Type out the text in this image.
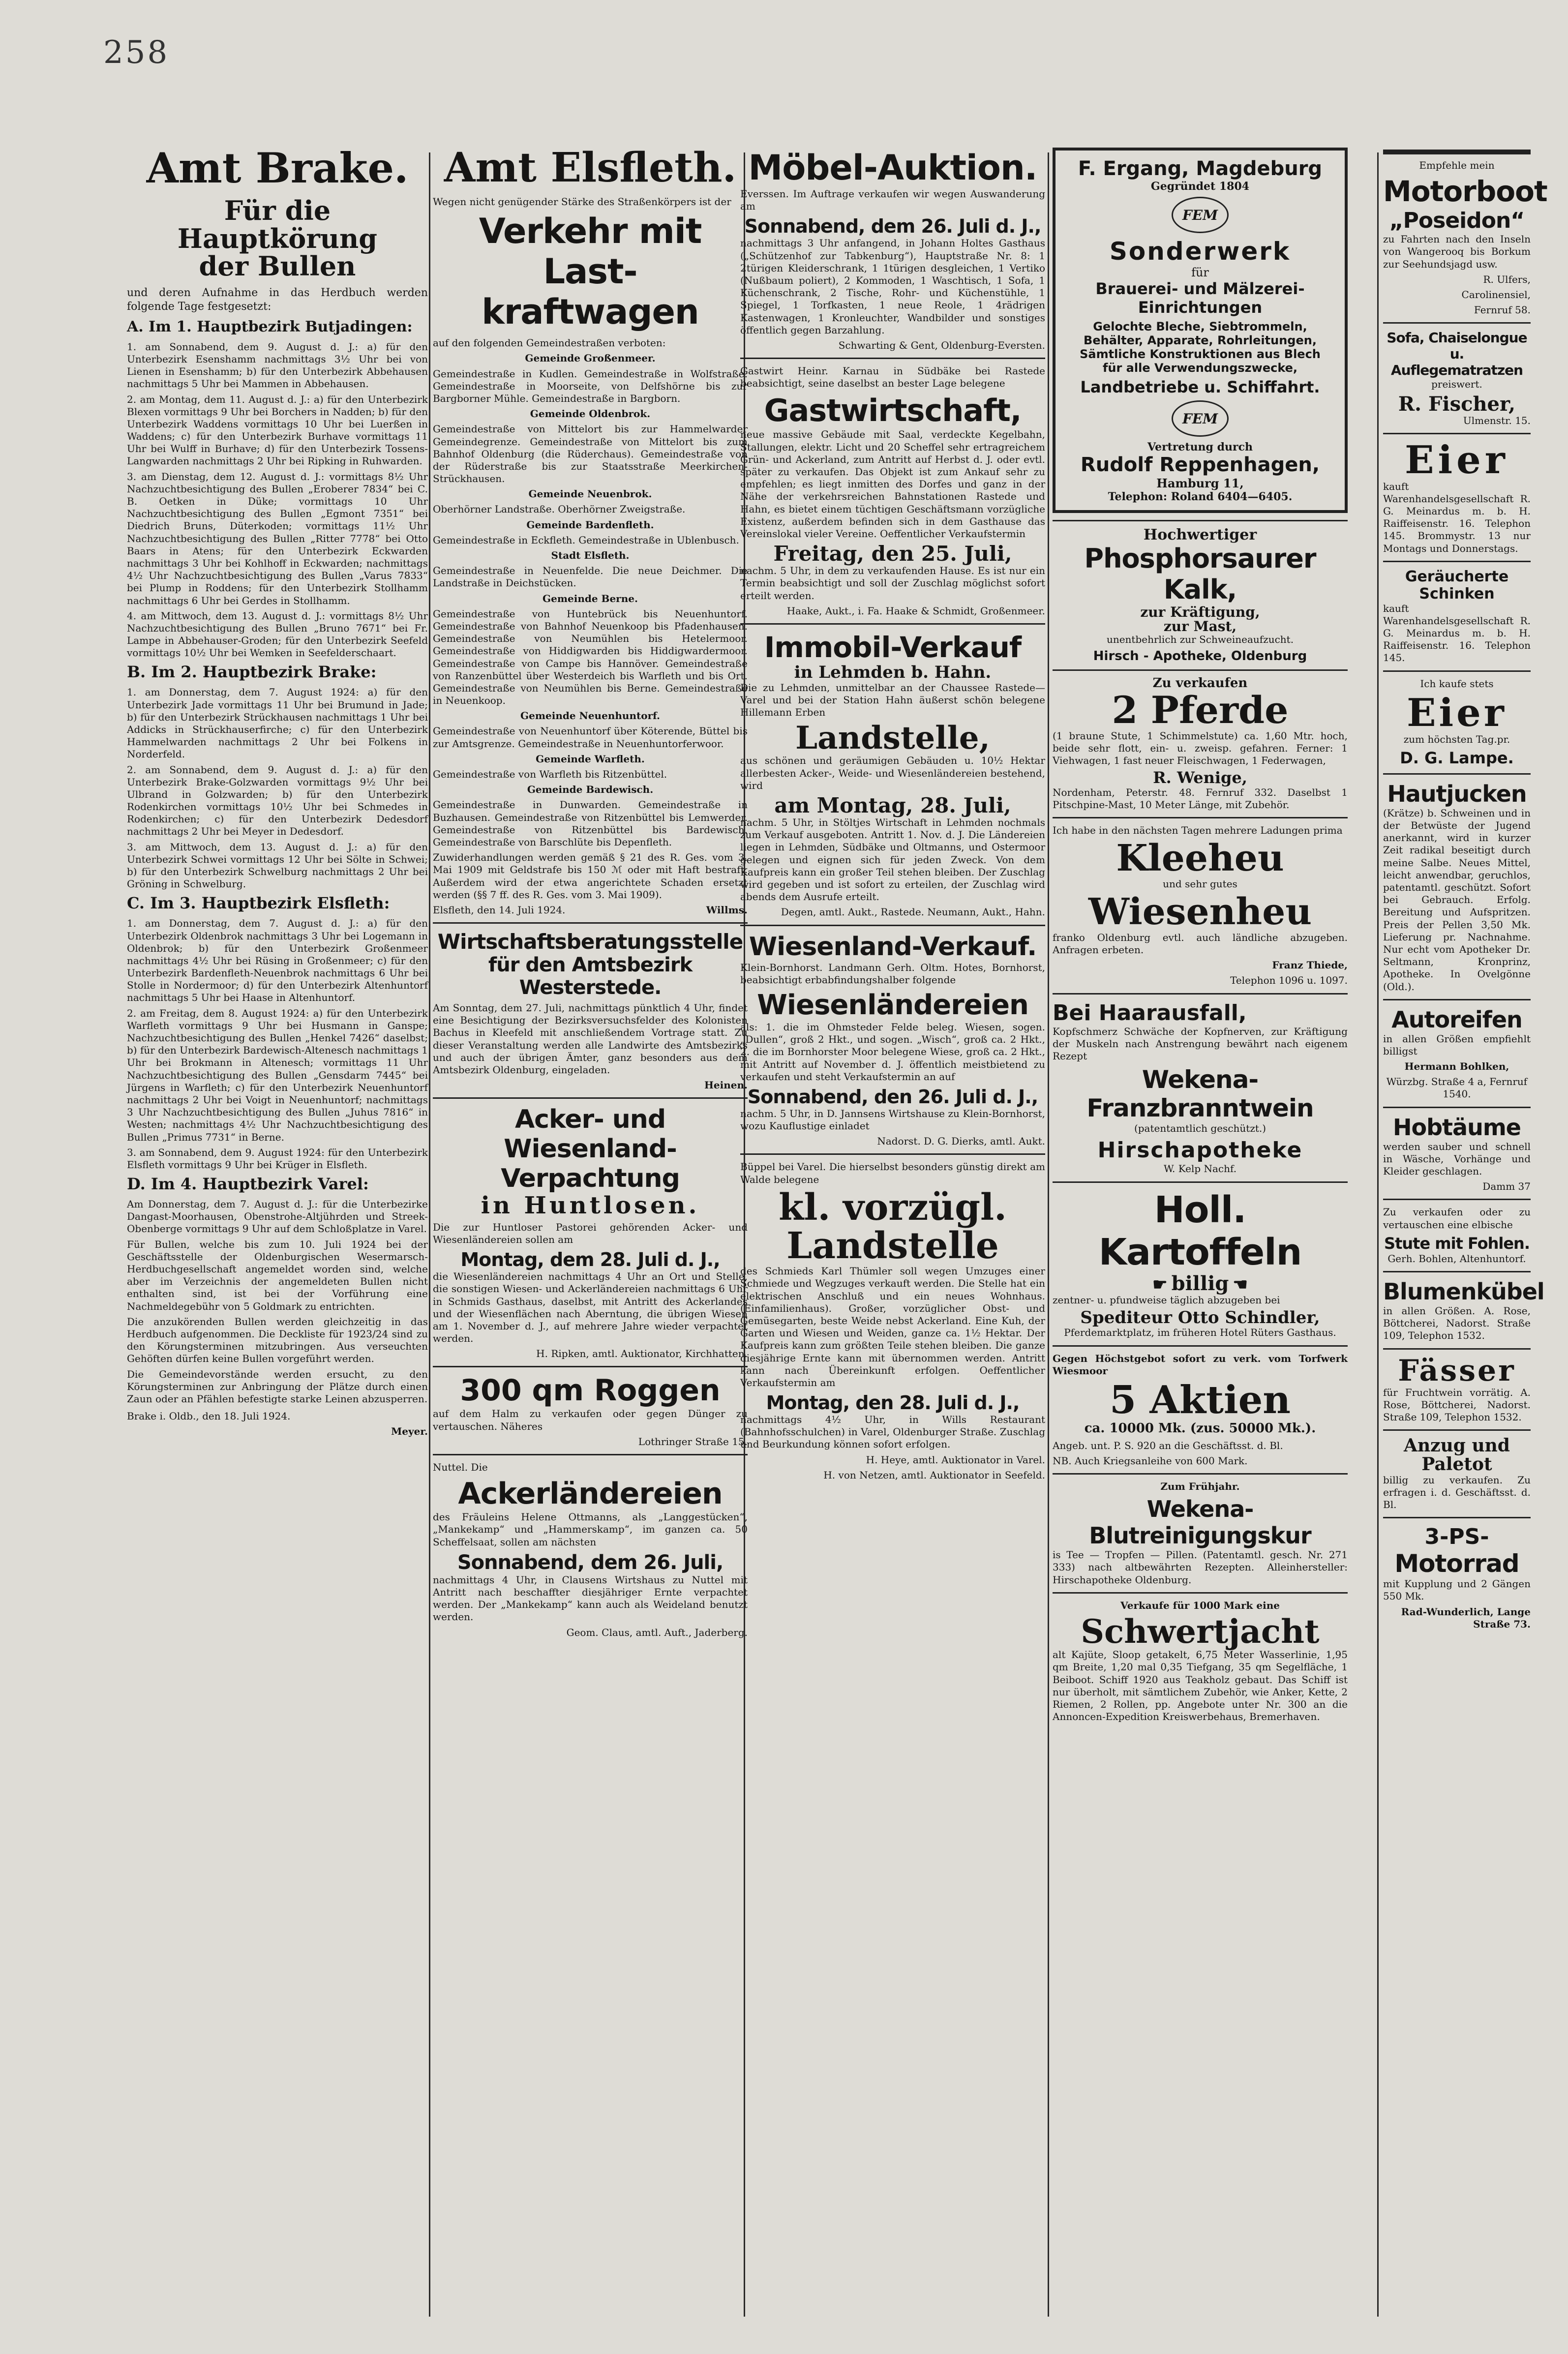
258
Amt Brake.
Für die Hauptkörung
der Bullen

und deren Aufnahme in das Herdbuch werden folgende Tage festgesetzt:

A. Im 1. Hauptbezirk Butjadingen:

1. am Sonnabend, dem 9. August d. J.: a) für den Unterbezirk Esenshamm nachmittags 3½ Uhr bei von Lienen in Esenshamm; b) für den Unterbezirk Abbehausen nachmittags 5 Uhr bei Mammen in Abbehausen.

2. am Montag, dem 11. August d. J.: a) für den Unterbezirk Blexen vormittags 9 Uhr bei Borchers in Nadden; b) für den Unterbezirk Waddens vormittags 10 Uhr bei Luerßen in Waddens; c) für den Unterbezirk Burhave vormittags 11 Uhr bei Wulff in Burhave; d) für den Unterbezirk Tossens-Langwarden nachmittags 2 Uhr bei Ripking in Ruhwarden.

3. am Dienstag, dem 12. August d. J.: vormittags 8½ Uhr Nachzuchtbesichtigung des Bullen „Eroberer 7834“ bei C. B. Oetken in Düke; vormittags 10 Uhr Nachzuchtbesichtigung des Bullen „Egmont 7351“ bei Diedrich Bruns, Düterkoden; vormittags 11½ Uhr Nachzuchtbesichtigung des Bullen „Ritter 7778“ bei Otto Baars in Atens; für den Unterbezirk Eckwarden nachmittags 3 Uhr bei Kohlhoff in Eckwarden; nachmittags 4½ Uhr Nachzuchtbesichtigung des Bullen „Varus 7833“ bei Plump in Roddens; für den Unterbezirk Stollhamm nachmittags 6 Uhr bei Gerdes in Stollhamm.

4. am Mittwoch, dem 13. August d. J.: vormittags 8½ Uhr Nachzuchtbesichtigung des Bullen „Bruno 7671“ bei Fr. Lampe in Abbehauser-Groden; für den Unterbezirk Seefeld vormittags 10½ Uhr bei Wemken in Seefelderschaart.

B. Im 2. Hauptbezirk Brake:

1. am Donnerstag, dem 7. August 1924: a) für den Unterbezirk Jade vormittags 11 Uhr bei Brumund in Jade; b) für den Unterbezirk Strückhausen nachmittags 1 Uhr bei Addicks in Strückhauserfirche; c) für den Unterbezirk Hammelwarden nachmittags 2 Uhr bei Folkens in Norderfeld.

2. am Sonnabend, dem 9. August d. J.: a) für den Unterbezirk Brake-Golzwarden vormittags 9½ Uhr bei Ulbrand in Golzwarden; b) für den Unterbezirk Rodenkirchen vormittags 10½ Uhr bei Schmedes in Rodenkirchen; c) für den Unterbezirk Dedesdorf nachmittags 2 Uhr bei Meyer in Dedesdorf.

3. am Mittwoch, dem 13. August d. J.: a) für den Unterbezirk Schwei vormittags 12 Uhr bei Sölte in Schwei; b) für den Unterbezirk Schwelburg nachmittags 2 Uhr bei Gröning in Schwelburg.

C. Im 3. Hauptbezirk Elsfleth:

1. am Donnerstag, dem 7. August d. J.: a) für den Unterbezirk Oldenbrok nachmittags 3 Uhr bei Logemann in Oldenbrok; b) für den Unterbezirk Großenmeer nachmittags 4½ Uhr bei Rüsing in Großenmeer; c) für den Unterbezirk Bardenfleth-Neuenbrok nachmittags 6 Uhr bei Stolle in Nordermoor; d) für den Unterbezirk Altenhuntorf nachmittags 5 Uhr bei Haase in Altenhuntorf.

2. am Freitag, dem 8. August 1924: a) für den Unterbezirk Warfleth vormittags 9 Uhr bei Husmann in Ganspe; Nachzuchtbesichtigung des Bullen „Henkel 7426“ daselbst; b) für den Unterbezirk Bardewisch-Altenesch nachmittags 1 Uhr bei Brokmann in Altenesch; vormittags 11 Uhr Nachzuchtbesichtigung des Bullen „Gensdarm 7445“ bei Jürgens in Warfleth; c) für den Unterbezirk Neuenhuntorf nachmittags 2 Uhr bei Voigt in Neuenhuntorf; nachmittags 3 Uhr Nachzuchtbesichtigung des Bullen „Juhus 7816“ in Westen; nachmittags 4½ Uhr Nachzuchtbesichtigung des Bullen „Primus 7731“ in Berne.

3. am Sonnabend, dem 9. August 1924: für den Unterbezirk Elsfleth vormittags 9 Uhr bei Krüger in Elsfleth.

D. Im 4. Hauptbezirk Varel:

Am Donnerstag, dem 7. August d. J.: für die Unterbezirke Dangast-Moorhausen, Obenstrohe-Altjührden und Streek-Obenberge vormittags 9 Uhr auf dem Schloßplatze in Varel.

Für Bullen, welche bis zum 10. Juli 1924 bei der Geschäftsstelle der Oldenburgischen Wesermarsch-Herdbuchgesellschaft angemeldet worden sind, welche aber im Verzeichnis der angemeldeten Bullen nicht enthalten sind, ist bei der Vorführung eine Nachmeldegebühr von 5 Goldmark zu entrichten.

Die anzukörenden Bullen werden gleichzeitig in das Herdbuch aufgenommen. Die Deckliste für 1923/24 sind zu den Körungsterminen mitzubringen. Aus verseuchten Gehöften dürfen keine Bullen vorgeführt werden.

Die Gemeindevorstände werden ersucht, zu den Körungsterminen zur Anbringung der Plätze durch einen Zaun oder an Pfählen befestigte starke Leinen abzusperren.

Brake i. Oldb., den 18. Juli 1924.

Meyer.

Amt Elsfleth.

Wegen nicht genügender Stärke des Straßenkörpers ist der

Verkehr mit Last-
kraftwagen

auf den folgenden Gemeindestraßen verboten:

Gemeinde Großenmeer.

Gemeindestraße in Kudlen. Gemeindestraße in Wolfstraße. Gemeindestraße in Moorseite, von Delfshörne bis zur Bargborner Mühle. Gemeindestraße in Bargborn.

Gemeinde Oldenbrok.

Gemeindestraße von Mittelort bis zur Hammelwarder Gemeindegrenze. Gemeindestraße von Mittelort bis zum Bahnhof Oldenburg (die Rüderchaus). Gemeindestraße von der Rüderstraße bis zur Staatsstraße Meerkirchen-Strückhausen.

Gemeinde Neuenbrok.

Oberhörner Landstraße. Oberhörner Zweigstraße.

Gemeinde Bardenfleth.

Gemeindestraße in Eckfleth. Gemeindestraße in Ublenbusch.

Stadt Elsfleth.

Gemeindestraße in Neuenfelde. Die neue Deichmer. Die Landstraße in Deichstücken.

Gemeinde Berne.

Gemeindestraße von Huntebrück bis Neuenhuntorf. Gemeindestraße von Bahnhof Neuenkoop bis Pfadenhausen. Gemeindestraße von Neumühlen bis Hetelermoor. Gemeindestraße von Hiddigwarden bis Hiddigwardermoor. Gemeindestraße von Campe bis Hannöver. Gemeindestraße von Ranzenbüttel über Westerdeich bis Warfleth und bis Ort. Gemeindestraße von Neumühlen bis Berne. Gemeindestraße in Neuenkoop.

Gemeinde Neuenhuntorf.

Gemeindestraße von Neuenhuntorf über Köterende, Büttel bis zur Amtsgrenze. Gemeindestraße in Neuenhuntorferwoor.

Gemeinde Warfleth.

Gemeindestraße von Warfleth bis Ritzenbüttel.

Gemeinde Bardewisch.

Gemeindestraße in Dunwarden. Gemeindestraße in Buzhausen. Gemeindestraße von Ritzenbüttel bis Lemwerder. Gemeindestraße von Ritzenbüttel bis Bardewisch. Gemeindestraße von Barschlüte bis Depenfleth.

Zuwiderhandlungen werden gemäß § 21 des R. Ges. vom 3. Mai 1909 mit Geldstrafe bis 150 ℳ oder mit Haft bestraft. Außerdem wird der etwa angerichtete Schaden ersetzt werden (§§ 7 ff. des R. Ges. vom 3. Mai 1909).

Elsfleth, den 14. Juli 1924.	Willms.

Wirtschaftsberatungsstelle
für den Amtsbezirk Westerstede.

Am Sonntag, dem 27. Juli, nachmittags pünktlich 4 Uhr, findet eine Besichtigung der Bezirksversuchsfelder des Kolonisten Bachus in Kleefeld mit anschließendem Vortrage statt. Zu dieser Veranstaltung werden alle Landwirte des Amtsbezirks und auch der übrigen Ämter, ganz besonders aus dem Amtsbezirk Oldenburg, eingeladen.

Heinen.

Acker- und Wiesenland-
Verpachtung
in Huntlosen.

Die zur Huntloser Pastorei gehörenden Acker- und Wiesenländereien sollen am

Montag, dem 28. Juli d. J.,

die Wiesenländereien nachmittags 4 Uhr an Ort und Stelle, die sonstigen Wiesen- und Ackerländereien nachmittags 6 Uhr in Schmids Gasthaus, daselbst, mit Antritt des Ackerlandes und der Wiesenflächen nach Aberntung, die übrigen Wiesen am 1. November d. J., auf mehrere Jahre wieder verpachtet werden.

H. Ripken, amtl. Auktionator, Kirchhatten.

300 qm Roggen

auf dem Halm zu verkaufen oder gegen Dünger zu vertauschen. Näheres

Lothringer Straße 15.

Nuttel. Die

Ackerländereien

des Fräuleins Helene Ottmanns, als „Langgestücken“, „Mankekamp“ und „Hammerskamp“, im ganzen ca. 50 Scheffelsaat, sollen am nächsten

Sonnabend, dem 26. Juli,

nachmittags 4 Uhr, in Clausens Wirtshaus zu Nuttel mit Antritt nach beschaffter diesjähriger Ernte verpachtet werden. Der „Mankekamp“ kann auch als Weideland benutzt werden.

Geom. Claus, amtl. Auft., Jaderberg.

Möbel-Auktion.

Everssen. Im Auftrage verkaufen wir wegen Auswanderung am

Sonnabend, dem 26. Juli d. J.,

nachmittags 3 Uhr anfangend, in Johann Holtes Gasthaus („Schützenhof zur Tabkenburg“), Hauptstraße Nr. 8: 1 2türigen Kleiderschrank, 1 1türigen desgleichen, 1 Vertiko (Nußbaum poliert), 2 Kommoden, 1 Waschtisch, 1 Sofa, 1 Küchenschrank, 2 Tische, Rohr- und Küchenstühle, 1 Spiegel, 1 Torfkasten, 1 neue Reole, 1 4rädrigen Kastenwagen, 1 Kronleuchter, Wandbilder und sonstiges öffentlich gegen Barzahlung.

Schwarting & Gent, Oldenburg-Eversten.

Gastwirt Heinr. Karnau in Südbäke bei Rastede beabsichtigt, seine daselbst an bester Lage belegene

Gastwirtschaft,

neue massive Gebäude mit Saal, verdeckte Kegelbahn, Stallungen, elektr. Licht und 20 Scheffel sehr ertragreichem Grün- und Ackerland, zum Antritt auf Herbst d. J. oder evtl. später zu verkaufen. Das Objekt ist zum Ankauf sehr zu empfehlen; es liegt inmitten des Dorfes und ganz in der Nähe der verkehrsreichen Bahnstationen Rastede und Hahn, es bietet einem tüchtigen Geschäftsmann vorzügliche Existenz, außerdem befinden sich in dem Gasthause das Vereinslokal vieler Vereine. Oeffentlicher Verkaufstermin

Freitag, den 25. Juli,

nachm. 5 Uhr, in dem zu verkaufenden Hause. Es ist nur ein Termin beabsichtigt und soll der Zuschlag möglichst sofort erteilt werden.

Haake, Aukt., i. Fa. Haake & Schmidt, Großenmeer.

Immobil-Verkauf
in Lehmden b. Hahn.

Die zu Lehmden, unmittelbar an der Chaussee Rastede—Varel und bei der Station Hahn äußerst schön belegene Hillemann Erben

Landstelle,

aus schönen und geräumigen Gebäuden u. 10½ Hektar allerbesten Acker-, Weide- und Wiesenländereien bestehend, wird

am Montag, 28. Juli,

nachm. 5 Uhr, in Stöltjes Wirtschaft in Lehmden nochmals zum Verkauf ausgeboten. Antritt 1. Nov. d. J. Die Ländereien liegen in Lehmden, Südbäke und Oltmanns, und Ostermoor gelegen und eignen sich für jeden Zweck. Von dem Kaufpreis kann ein großer Teil stehen bleiben. Der Zuschlag wird gegeben und ist sofort zu erteilen, der Zuschlag wird abends dem Ausrufe erteilt.

Degen, amtl. Aukt., Rastede. Neumann, Aukt., Hahn.

Wiesenland-Verkauf.

Klein-Bornhorst. Landmann Gerh. Oltm. Hotes, Bornhorst, beabsichtigt erbabfindungshalber folgende

Wiesenländereien

als: 1. die im Ohmsteder Felde beleg. Wiesen, sogen. „Dullen“, groß 2 Hkt., und sogen. „Wisch“, groß ca. 2 Hkt., 2. die im Bornhorster Moor belegene Wiese, groß ca. 2 Hkt., mit Antritt auf November d. J. öffentlich meistbietend zu verkaufen und steht Verkaufstermin an auf

Sonnabend, den 26. Juli d. J.,

nachm. 5 Uhr, in D. Jannsens Wirtshause zu Klein-Bornhorst, wozu Kauflustige einladet

Nadorst. D. G. Dierks, amtl. Aukt.

Büppel bei Varel. Die hierselbst besonders günstig direkt am Walde belegene

kl. vorzügl.
Landstelle

des Schmieds Karl Thümler soll wegen Umzuges einer Schmiede und Wegzuges verkauft werden. Die Stelle hat ein elektrischen Anschluß und ein neues Wohnhaus. (Einfamilienhaus). Großer, vorzüglicher Obst- und Gemüsegarten, beste Weide nebst Ackerland. Eine Kuh, der Garten und Wiesen und Weiden, ganze ca. 1½ Hektar. Der Kaufpreis kann zum größten Teile stehen bleiben. Die ganze diesjährige Ernte kann mit übernommen werden. Antritt kann nach Übereinkunft erfolgen. Oeffentlicher Verkaufstermin am

Montag, den 28. Juli d. J.,

nachmittags 4½ Uhr, in Wills Restaurant (Bahnhofsschulchen) in Varel, Oldenburger Straße. Zuschlag und Beurkundung können sofort erfolgen.

H. Heye, amtl. Auktionator in Varel.

H. von Netzen, amtl. Auktionator in Seefeld.

F. Ergang, Magdeburg
Gegründet 1804
FEM
Sonderwerk
für
Brauerei- und Mälzerei-
Einrichtungen
Gelochte Bleche, Siebtrommeln,
Behälter, Apparate, Rohrleitungen,
Sämtliche Konstruktionen aus Blech
für alle Verwendungszwecke,
Landbetriebe u. Schiffahrt.
FEM
Vertretung durch
Rudolf Reppenhagen,
Hamburg 11,
Telephon: Roland 6404—6405.
Hochwertiger
Phosphorsaurer Kalk,
zur Kräftigung,
zur Mast,

unentbehrlich zur Schweineaufzucht.

Hirsch - Apotheke, Oldenburg
Zu verkaufen
2 Pferde

(1 braune Stute, 1 Schimmelstute) ca. 1,60 Mtr. hoch, beide sehr flott, ein- u. zweisp. gefahren. Ferner: 1 Viehwagen, 1 fast neuer Fleischwagen, 1 Federwagen,

R. Wenige,

Nordenham, Peterstr. 48. Fernruf 332. Daselbst 1 Pitschpine-Mast, 10 Meter Länge, mit Zubehör.

Ich habe in den nächsten Tagen mehrere Ladungen prima

Kleeheu

und sehr gutes

Wiesenheu

franko Oldenburg evtl. auch ländliche abzugeben. Anfragen erbeten.

Franz Thiede,

Telephon 1096 u. 1097.

Bei Haarausfall,

Kopfschmerz Schwäche der Kopfnerven, zur Kräftigung der Muskeln nach Anstrengung bewährt nach eigenem Rezept

Wekena-Franzbranntwein

(patentamtlich geschützt.)

Hirschapotheke

W. Kelp Nachf.

Holl. Kartoffeln
☛ billig ☚

zentner- u. pfundweise täglich abzugeben bei

Spediteur Otto Schindler,

Pferdemarktplatz, im früheren Hotel Rüters Gasthaus.

Gegen Höchstgebot sofort zu verk. vom Torfwerk Wiesmoor

5 Aktien

ca. 10000 Mk. (zus. 50000 Mk.).

Angeb. unt. P. S. 920 an die Geschäftsst. d. Bl.

NB. Auch Kriegsanleihe von 600 Mark.

Zum Frühjahr.

Wekena-Blutreinigungskur

is Tee — Tropfen — Pillen. (Patentamtl. gesch. Nr. 271 333) nach altbewährten Rezepten. Alleinhersteller: Hirschapotheke Oldenburg.

Verkaufe für 1000 Mark eine

Schwertjacht

alt Kajüte, Sloop getakelt, 6,75 Meter Wasserlinie, 1,95 qm Breite, 1,20 mal 0,35 Tiefgang, 35 qm Segelfläche, 1 Beiboot. Schiff 1920 aus Teakholz gebaut. Das Schiff ist nur überholt, mit sämtlichem Zubehör, wie Anker, Kette, 2 Riemen, 2 Rollen, pp. Angebote unter Nr. 300 an die Annoncen-Expedition Kreiswerbehaus, Bremerhaven.

Empfehle mein

Motorboot
„Poseidon“

zu Fahrten nach den Inseln von Wangerooq bis Borkum zur Seehundsjagd usw.

R. Ulfers,

Carolinensiel,

Fernruf 58.

Sofa, Chaiselongue u. Auflegematratzen

preiswert.

R. Fischer,

Ulmenstr. 15.

Eier

kauft Warenhandelsgesellschaft R. G. Meinardus m. b. H. Raiffeisenstr. 16. Telephon 145. Brommystr. 13 nur Montags und Donnerstags.

Geräucherte
Schinken

kauft Warenhandelsgesellschaft R. G. Meinardus m. b. H. Raiffeisenstr. 16. Telephon 145.

Ich kaufe stets

Eier

zum höchsten Tag.pr.

D. G. Lampe.
Hautjucken

(Krätze) b. Schweinen und in der Betwüste der Jugend anerkannt, wird in kurzer Zeit radikal beseitigt durch meine Salbe. Neues Mittel, leicht anwendbar, geruchlos, patentamtl. geschützt. Sofort bei Gebrauch. Erfolg. Bereitung und Aufspritzen. Preis der Pellen 3,50 Mk. Lieferung pr. Nachnahme. Nur echt vom Apotheker Dr. Seltmann, Kronprinz, Apotheke. In Ovelgönne (Old.).

Autoreifen

in allen Größen empfiehlt billigst

Hermann Bohlken,

Würzbg. Straße 4 a, Fernruf 1540.

Hobtäume

werden sauber und schnell in Wäsche, Vorhänge und Kleider geschlagen.

Damm 37

Zu verkaufen oder zu vertauschen eine elbische

Stute mit Fohlen.

Gerh. Bohlen, Altenhuntorf.

Blumenkübel

in allen Größen. A. Rose, Böttcherei, Nadorst. Straße 109, Telephon 1532.

Fässer

für Fruchtwein vorrätig. A. Rose, Böttcherei, Nadorst. Straße 109, Telephon 1532.

Anzug und
Paletot

billig zu verkaufen. Zu erfragen i. d. Geschäftsst. d. Bl.

3-PS-
Motorrad

mit Kupplung und 2 Gängen 550 Mk.

Rad-Wunderlich, Lange Straße 73.
